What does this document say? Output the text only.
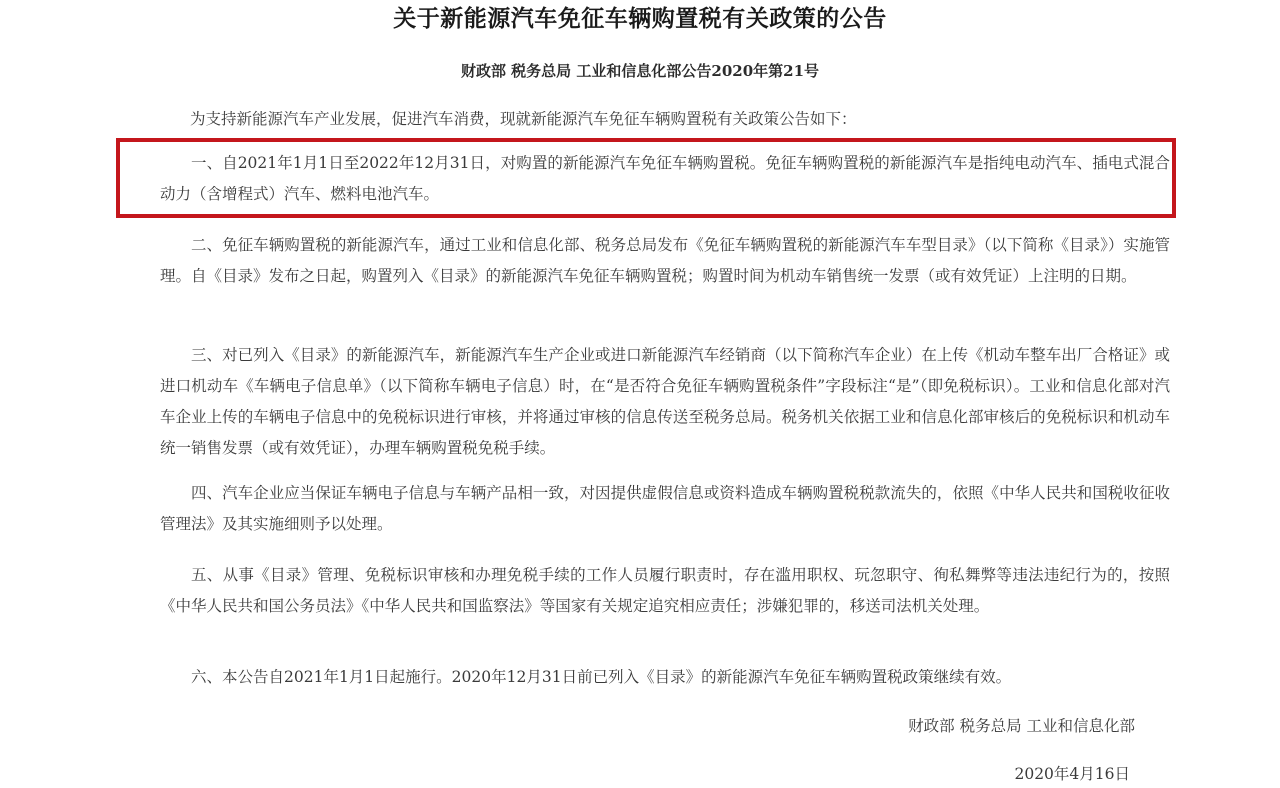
关于新能源汽车免征车辆购置税有关政策的公告
财政部 税务总局 工业和信息化部公告2020年第21号
为支持新能源汽车产业发展，促进汽车消费，现就新能源汽车免征车辆购置税有关政策公告如下：
一、自2021年1月1日至2022年12月31日，对购置的新能源汽车免征车辆购置税。免征车辆购置税的新能源汽车是指纯电动汽车、插电式混合动力（含增程式）汽车、燃料电池汽车。
二、免征车辆购置税的新能源汽车，通过工业和信息化部、税务总局发布《免征车辆购置税的新能源汽车车型目录》（以下简称《目录》）实施管理。自《目录》发布之日起，购置列入《目录》的新能源汽车免征车辆购置税；购置时间为机动车销售统一发票（或有效凭证）上注明的日期。
三、对已列入《目录》的新能源汽车，新能源汽车生产企业或进口新能源汽车经销商（以下简称汽车企业）在上传《机动车整车出厂合格证》或进口机动车《车辆电子信息单》（以下简称车辆电子信息）时，在“是否符合免征车辆购置税条件”字段标注“是”（即免税标识）。工业和信息化部对汽车企业上传的车辆电子信息中的免税标识进行审核，并将通过审核的信息传送至税务总局。税务机关依据工业和信息化部审核后的免税标识和机动车统一销售发票（或有效凭证），办理车辆购置税免税手续。
四、汽车企业应当保证车辆电子信息与车辆产品相一致，对因提供虚假信息或资料造成车辆购置税税款流失的，依照《中华人民共和国税收征收管理法》及其实施细则予以处理。
五、从事《目录》管理、免税标识审核和办理免税手续的工作人员履行职责时，存在滥用职权、玩忽职守、徇私舞弊等违法违纪行为的，按照《中华人民共和国公务员法》《中华人民共和国监察法》等国家有关规定追究相应责任；涉嫌犯罪的，移送司法机关处理。
六、本公告自2021年1月1日起施行。2020年12月31日前已列入《目录》的新能源汽车免征车辆购置税政策继续有效。
财政部 税务总局 工业和信息化部
2020年4月16日
